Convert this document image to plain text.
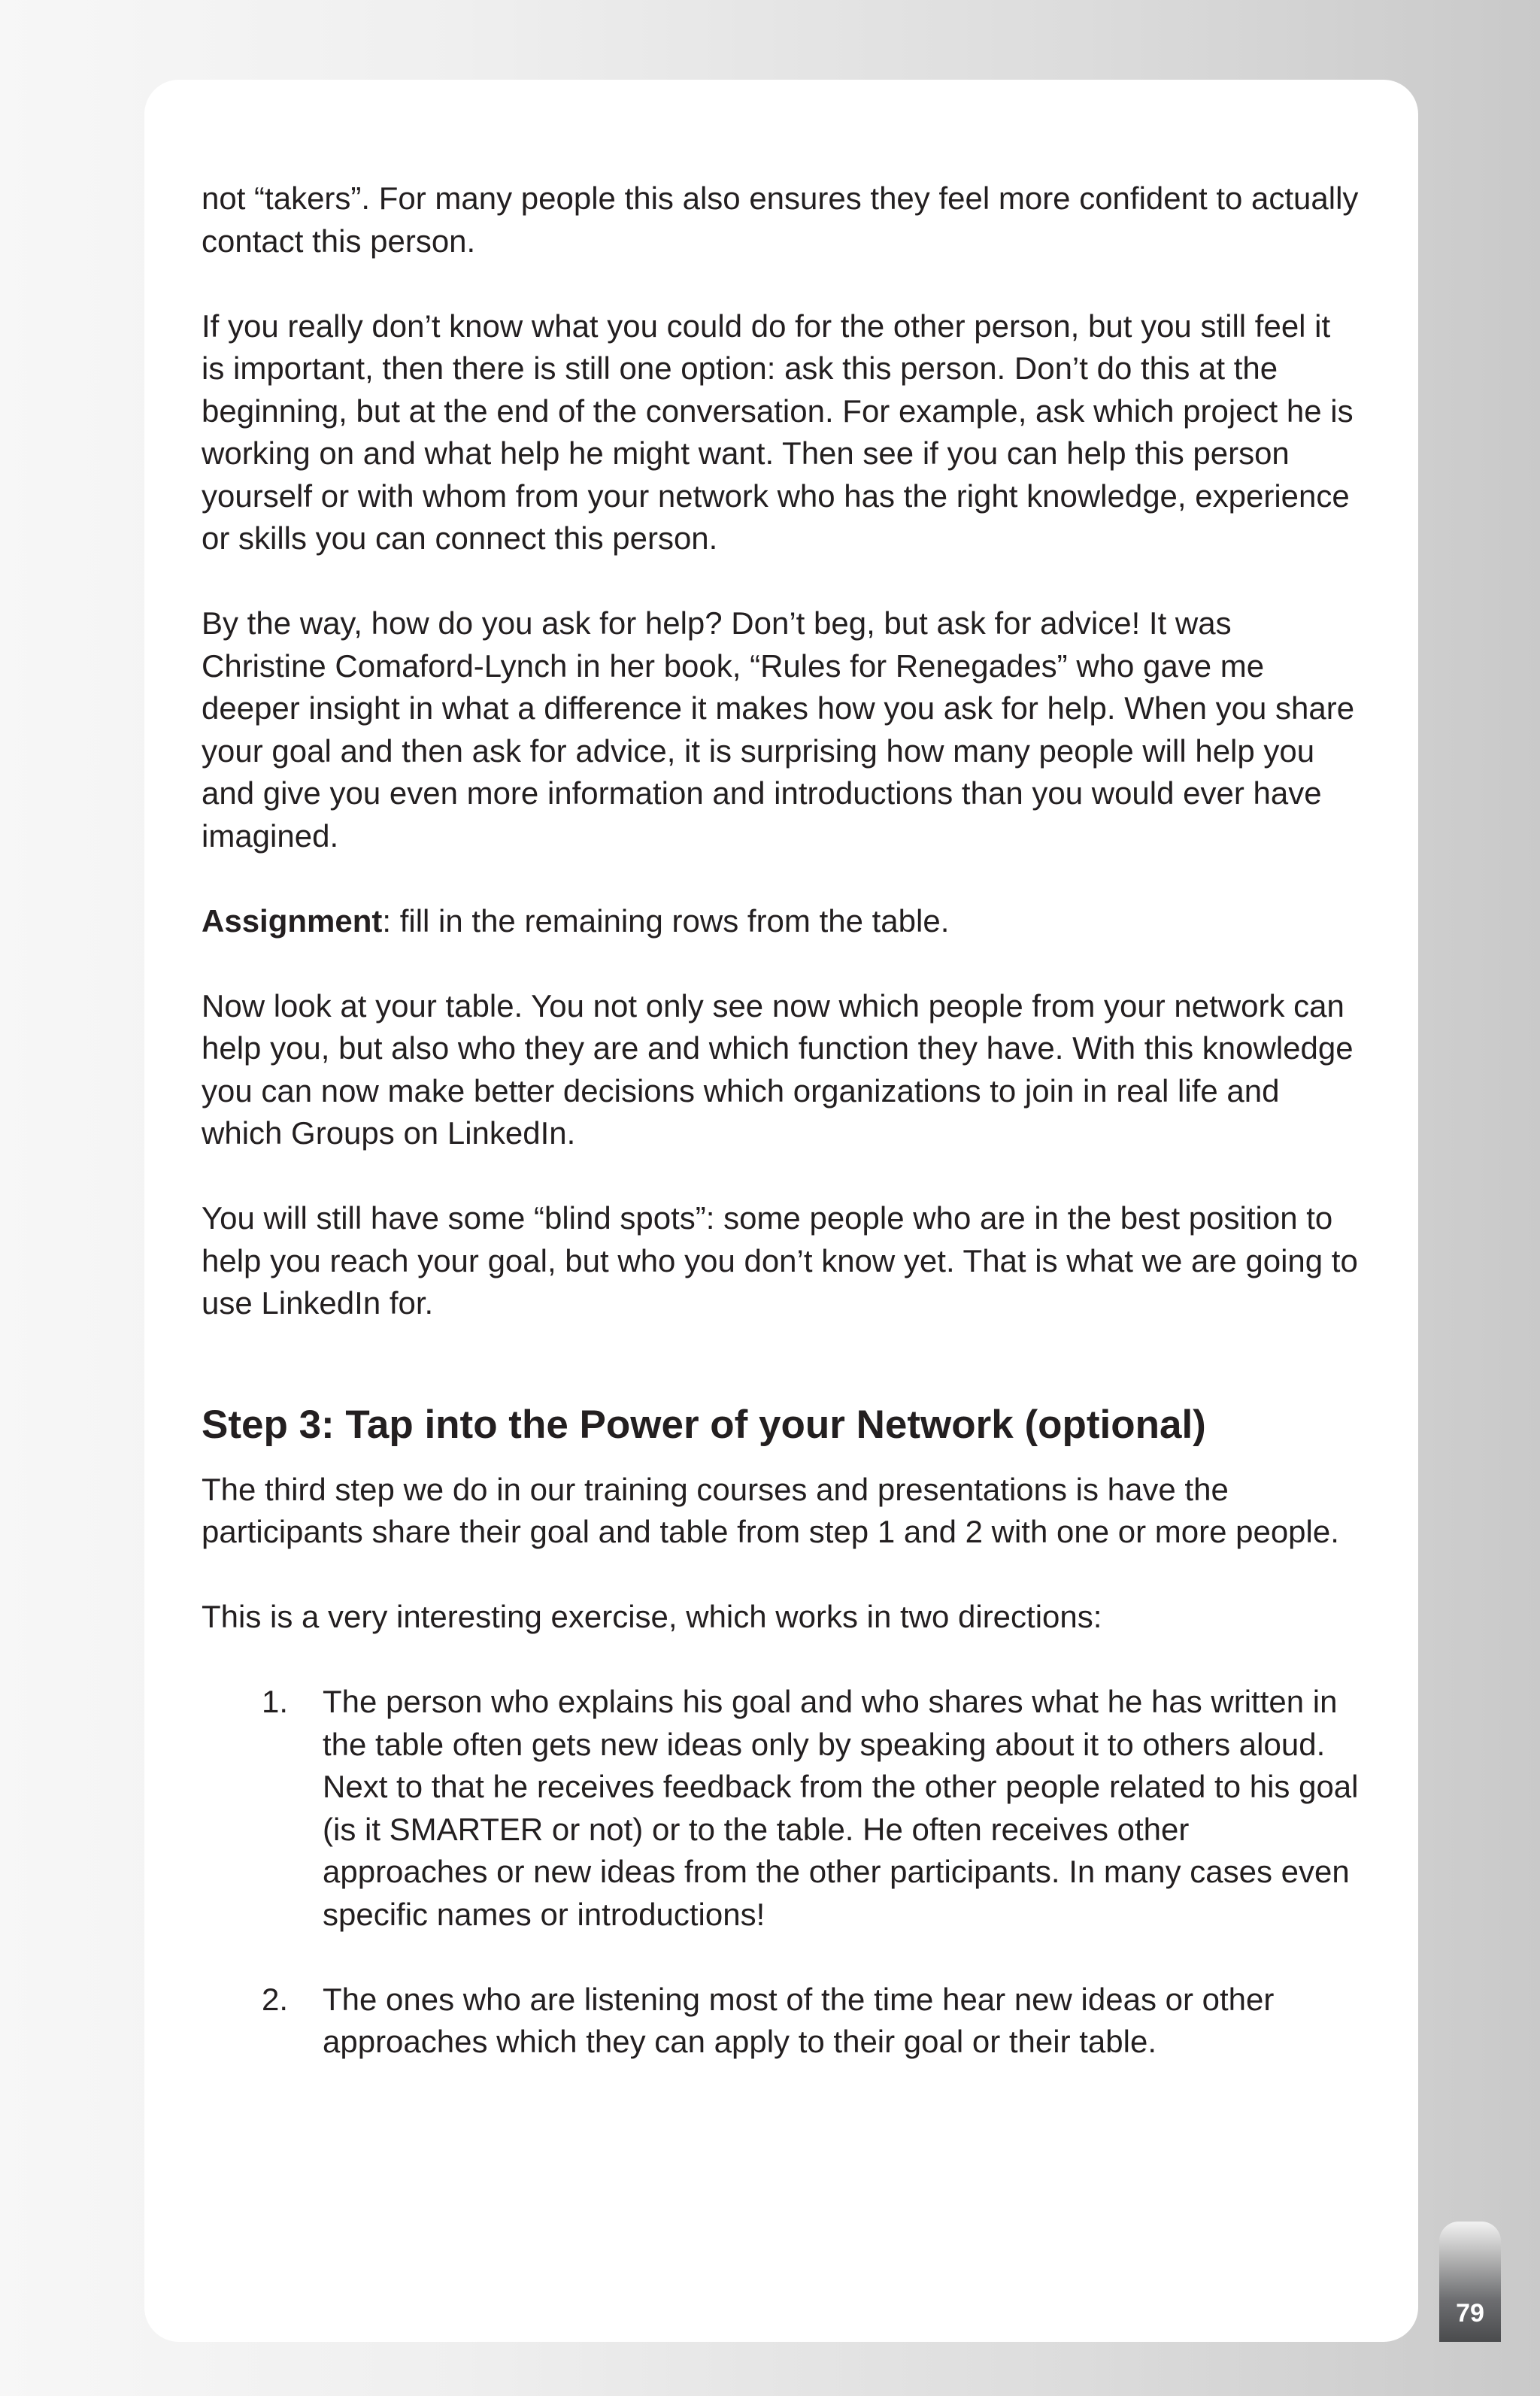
not “takers”. For many people this also ensures they feel more confident to actually contact this person.

If you really don’t know what you could do for the other person, but you still feel it is important, then there is still one option: ask this person. Don’t do this at the beginning, but at the end of the conversation. For example, ask which project he is working on and what help he might want. Then see if you can help this person yourself or with whom from your network who has the right knowledge, experience or skills you can connect this person.

By the way, how do you ask for help? Don’t beg, but ask for advice! It was Christine Comaford-Lynch in her book, “Rules for Renegades” who gave me deeper insight in what a difference it makes how you ask for help. When you share your goal and then ask for advice, it is surprising how many people will help you and give you even more information and introductions than you would ever have imagined.

Assignment: fill in the remaining rows from the table.

Now look at your table. You not only see now which people from your network can help you, but also who they are and which function they have. With this knowledge you can now make better decisions which organizations to join in real life and which Groups on LinkedIn.

You will still have some “blind spots”: some people who are in the best position to help you reach your goal, but who you don’t know yet. That is what we are going to use LinkedIn for.

Step 3: Tap into the Power of your Network (optional)

The third step we do in our training courses and presentations is have the participants share their goal and table from step 1 and 2 with one or more people.

This is a very interesting exercise, which works in two directions:

1. The person who explains his goal and who shares what he has written in the table often gets new ideas only by speaking about it to others aloud. Next to that he receives feedback from the other people related to his goal (is it SMARTER or not) or to the table. He often receives other approaches or new ideas from the other participants. In many cases even specific names or introductions!
2. The ones who are listening most of the time hear new ideas or other approaches which they can apply to their goal or their table.
79
